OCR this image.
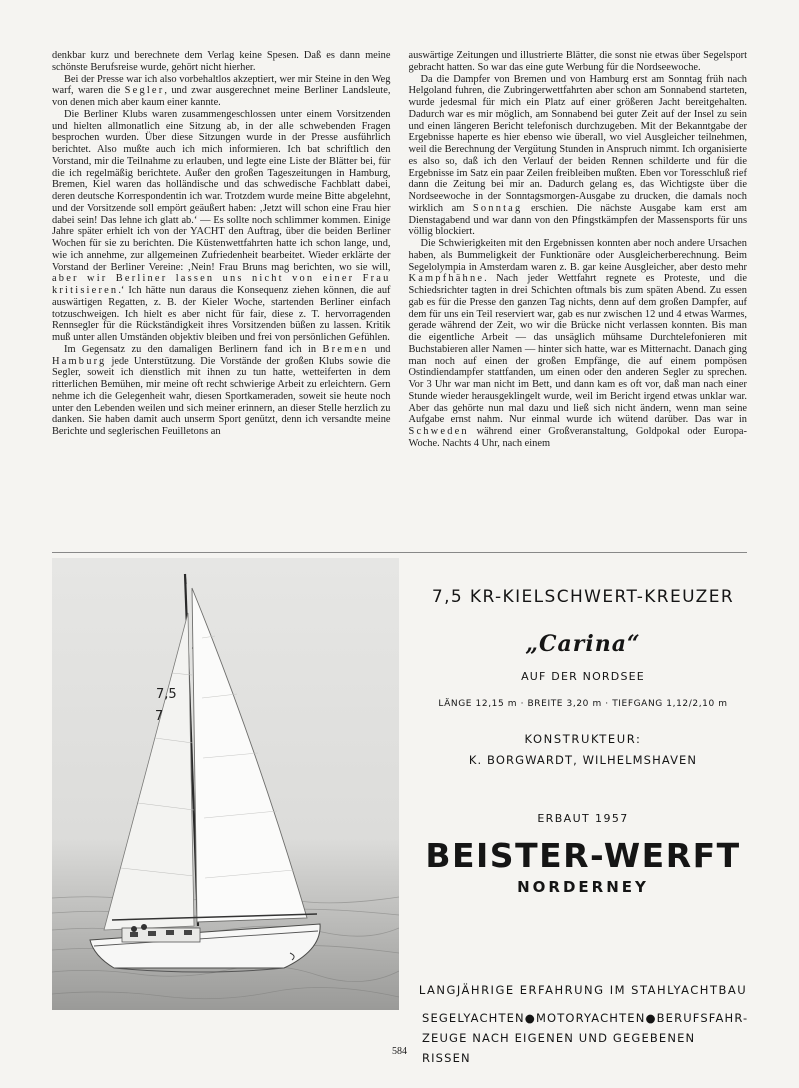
denkbar kurz und berechnete dem Verlag keine Spesen. Daß es dann meine schönste Berufsreise wurde, gehört nicht hierher.

Bei der Presse war ich also vorbehaltlos akzeptiert, wer mir Steine in den Weg warf, waren die Segler, und zwar ausgerechnet meine Berliner Landsleute, von denen mich aber kaum einer kannte.

Die Berliner Klubs waren zusammengeschlossen unter einem Vorsitzenden und hielten allmonatlich eine Sitzung ab, in der alle schwebenden Fragen besprochen wurden. Über diese Sitzungen wurde in der Presse ausführlich berichtet. Also mußte auch ich mich informieren. Ich bat schriftlich den Vorstand, mir die Teilnahme zu erlauben, und legte eine Liste der Blätter bei, für die ich regelmäßig berichtete. Außer den großen Tageszeitungen in Hamburg, Bremen, Kiel waren das holländische und das schwedische Fachblatt dabei, deren deutsche Korrespondentin ich war. Trotzdem wurde meine Bitte abgelehnt, und der Vorsitzende soll empört geäußert haben: ‚Jetzt will schon eine Frau hier dabei sein! Das lehne ich glatt ab.‘ — Es sollte noch schlimmer kommen. Einige Jahre später erhielt ich von der YACHT den Auftrag, über die beiden Berliner Wochen für sie zu berichten. Die Küstenwettfahrten hatte ich schon lange, und, wie ich annehme, zur allgemeinen Zufriedenheit bearbeitet. Wieder erklärte der Vorstand der Berliner Vereine: ‚Nein! Frau Bruns mag berichten, wo sie will, aber wir Berliner lassen uns nicht von einer Frau kritisieren.‘ Ich hätte nun daraus die Konsequenz ziehen können, die auf auswärtigen Regatten, z. B. der Kieler Woche, startenden Berliner einfach totzuschweigen. Ich hielt es aber nicht für fair, diese z. T. hervorragenden Rennsegler für die Rückständigkeit ihres Vorsitzenden büßen zu lassen. Kritik muß unter allen Umständen objektiv bleiben und frei von persönlichen Gefühlen.

Im Gegensatz zu den damaligen Berlinern fand ich in Bremen und Hamburg jede Unterstützung. Die Vorstände der großen Klubs sowie die Segler, soweit ich dienstlich mit ihnen zu tun hatte, wetteiferten in dem ritterlichen Bemühen, mir meine oft recht schwierige Arbeit zu erleichtern. Gern nehme ich die Gelegenheit wahr, diesen Sportkameraden, soweit sie heute noch unter den Lebenden weilen und sich meiner erinnern, an dieser Stelle herzlich zu danken. Sie haben damit auch unserm Sport genützt, denn ich versandte meine Berichte und seglerischen Feuilletons an

auswärtige Zeitungen und illustrierte Blätter, die sonst nie etwas über Segelsport gebracht hatten. So war das eine gute Werbung für die Nordseewoche.

Da die Dampfer von Bremen und von Hamburg erst am Sonntag früh nach Helgoland fuhren, die Zubringerwettfahrten aber schon am Sonnabend starteten, wurde jedesmal für mich ein Platz auf einer größeren Jacht bereitgehalten. Dadurch war es mir möglich, am Sonnabend bei guter Zeit auf der Insel zu sein und einen längeren Bericht telefonisch durchzugeben. Mit der Bekanntgabe der Ergebnisse haperte es hier ebenso wie überall, wo viel Ausgleicher teilnehmen, weil die Berechnung der Vergütung Stunden in Anspruch nimmt. Ich organisierte es also so, daß ich den Verlauf der beiden Rennen schilderte und für die Ergebnisse im Satz ein paar Zeilen freibleiben mußten. Eben vor Toresschluß rief dann die Zeitung bei mir an. Dadurch gelang es, das Wichtigste über die Nordseewoche in der Sonntagsmorgen-Ausgabe zu drucken, die damals noch wirklich am Sonntag erschien. Die nächste Ausgabe kam erst am Dienstagabend und war dann von den Pfingstkämpfen der Massensports für uns völlig blockiert.

Die Schwierigkeiten mit den Ergebnissen konnten aber noch andere Ursachen haben, als Bummeligkeit der Funktionäre oder Ausgleicherberechnung. Beim Segelolympia in Amsterdam waren z. B. gar keine Ausgleicher, aber desto mehr Kampfhähne. Nach jeder Wettfahrt regnete es Proteste, und die Schiedsrichter tagten in drei Schichten oftmals bis zum späten Abend. Zu essen gab es für die Presse den ganzen Tag nichts, denn auf dem großen Dampfer, auf dem für uns ein Teil reserviert war, gab es nur zwischen 12 und 4 etwas Warmes, gerade während der Zeit, wo wir die Brücke nicht verlassen konnten. Bis man die eigentliche Arbeit — das unsäglich mühsame Durchtelefonieren mit Buchstabieren aller Namen — hinter sich hatte, war es Mitternacht. Danach ging man noch auf einen der großen Empfänge, die auf einem pompösen Ostindiendampfer stattfanden, um einen oder den anderen Segler zu sprechen. Vor 3 Uhr war man nicht im Bett, und dann kam es oft vor, daß man nach einer Stunde wieder herausgeklingelt wurde, weil im Bericht irgend etwas unklar war. Aber das gehörte nun mal dazu und ließ sich nicht ändern, wenn man seine Aufgabe ernst nahm. Nur einmal wurde ich wütend darüber. Das war in Schweden während einer Großveranstaltung, Goldpokal oder Europa-Woche. Nachts 4 Uhr, nach einem

7,5
7
7,5 KR-KIELSCHWERT-KREUZER
„Carina“
AUF DER NORDSEE
LÄNGE 12,15 m · BREITE 3,20 m · TIEFGANG 1,12/2,10 m
KONSTRUKTEUR:
K. BORGWARDT, WILHELMSHAVEN
ERBAUT 1957
BEISTER-WERFT
NORDERNEY
LANGJÄHRIGE ERFAHRUNG IM STAHLYACHTBAU
SEGELYACHTEN●MOTORYACHTEN●BERUFSFAHR-
ZEUGE NACH EIGENEN UND GEGEBENEN RISSEN
584
